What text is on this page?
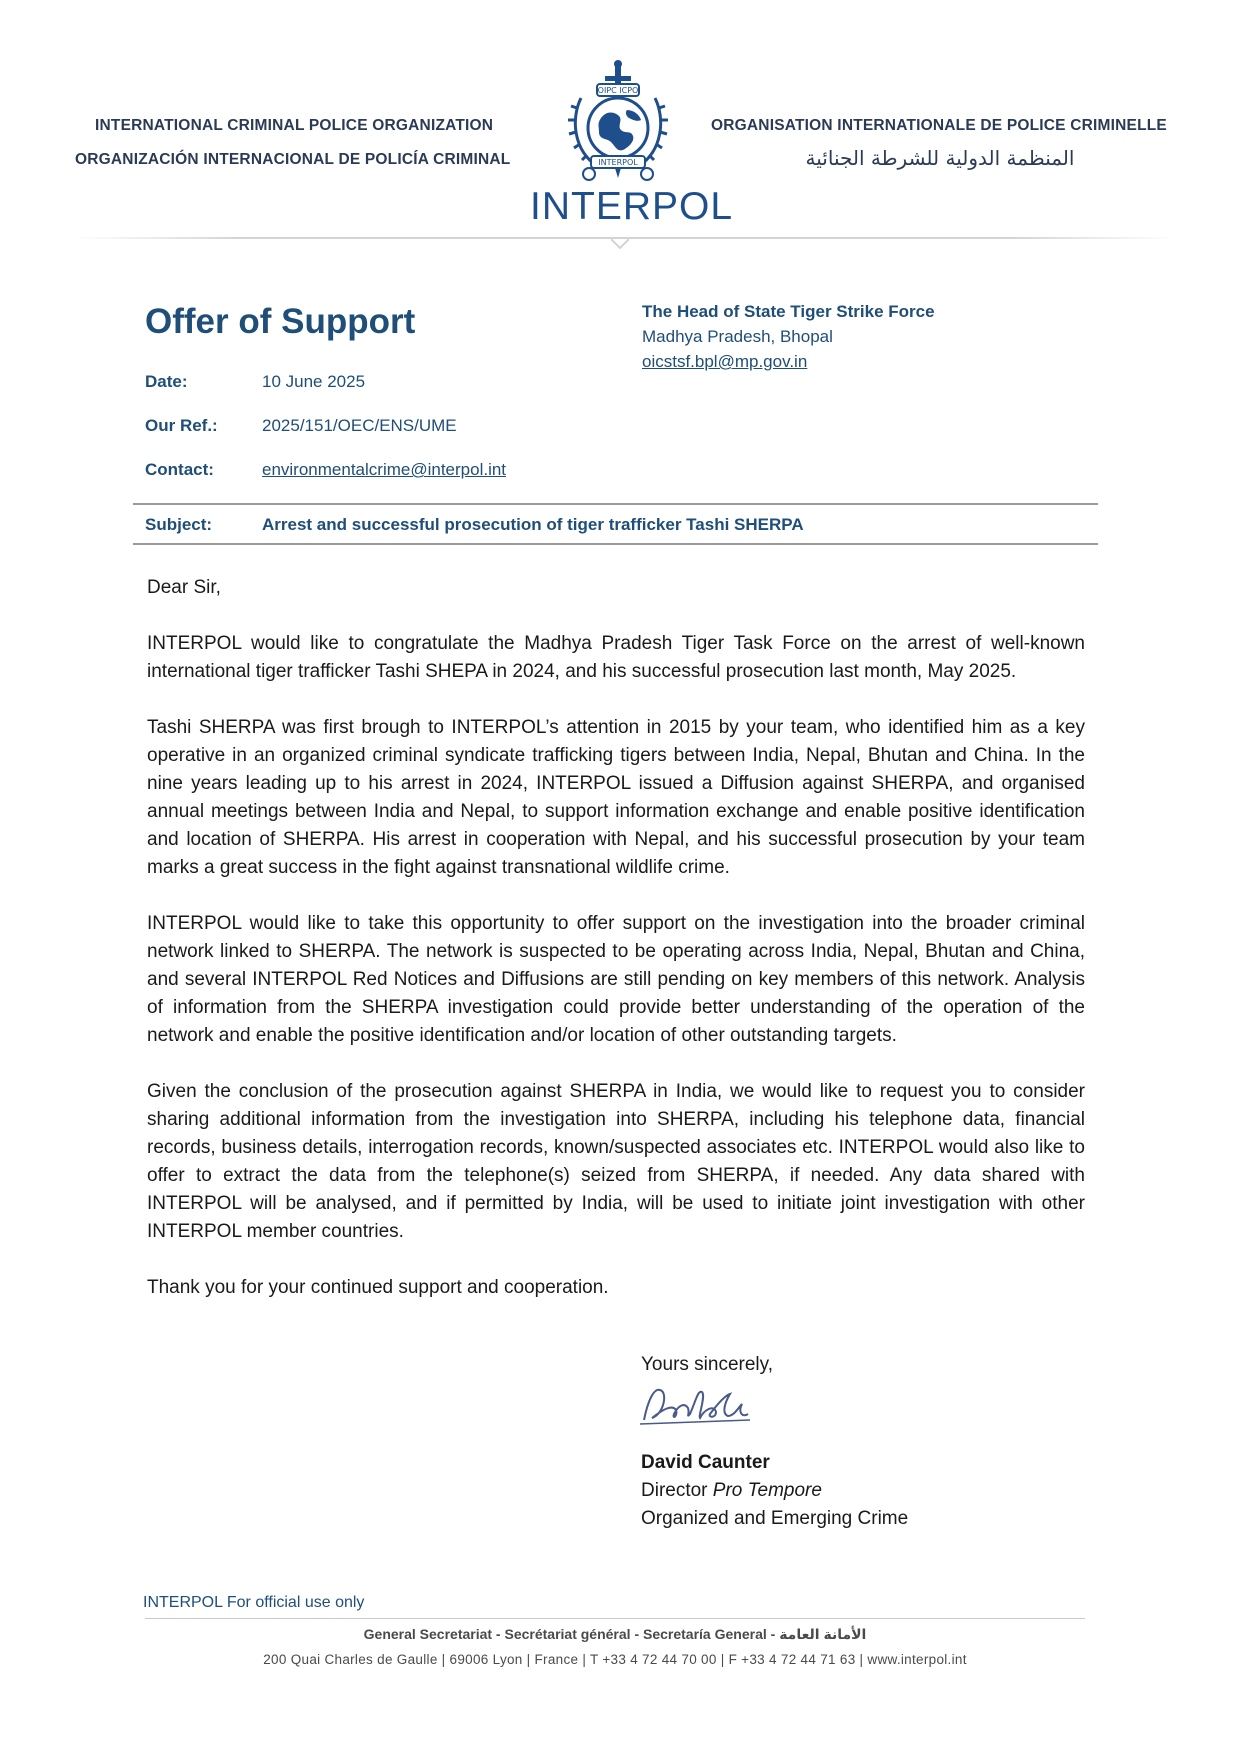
INTERNATIONAL CRIMINAL POLICE ORGANIZATION
ORGANIZACIÓN INTERNACIONAL DE POLICÍA CRIMINAL
ORGANISATION INTERNATIONALE DE POLICE CRIMINELLE
المنظمة الدولية للشرطة الجنائية
OIPC ICPO
INTERPOL
INTERPOL
Offer of Support
Date:	10 June 2025
Our Ref.:	2025/151/OEC/ENS/UME
Contact:	environmentalcrime@interpol.int
The Head of State Tiger Strike Force
Madhya Pradesh, Bhopal
oicstsf.bpl@mp.gov.in
Subject:	Arrest and successful prosecution of tiger trafficker Tashi SHERPA

Dear Sir,

INTERPOL would like to congratulate the Madhya Pradesh Tiger Task Force on the arrest of well-known international tiger trafficker Tashi SHEPA in 2024, and his successful prosecution last month, May 2025.

Tashi SHERPA was first brough to INTERPOL’s attention in 2015 by your team, who identified him as a key operative in an organized criminal syndicate trafficking tigers between India, Nepal, Bhutan and China. In the nine years leading up to his arrest in 2024, INTERPOL issued a Diffusion against SHERPA, and organised annual meetings between India and Nepal, to support information exchange and enable positive identification and location of SHERPA. His arrest in cooperation with Nepal, and his successful prosecution by your team marks a great success in the fight against transnational wildlife crime.

INTERPOL would like to take this opportunity to offer support on the investigation into the broader criminal network linked to SHERPA. The network is suspected to be operating across India, Nepal, Bhutan and China, and several INTERPOL Red Notices and Diffusions are still pending on key members of this network. Analysis of information from the SHERPA investigation could provide better understanding of the operation of the network and enable the positive identification and/or location of other outstanding targets.

Given the conclusion of the prosecution against SHERPA in India, we would like to request you to consider sharing additional information from the investigation into SHERPA, including his telephone data, financial records, business details, interrogation records, known/suspected associates etc. INTERPOL would also like to offer to extract the data from the telephone(s) seized from SHERPA, if needed. Any data shared with INTERPOL will be analysed, and if permitted by India, will be used to initiate joint investigation with other INTERPOL member countries.

Thank you for your continued support and cooperation.

Yours sincerely,
David Caunter
Director Pro Tempore
Organized and Emerging Crime
INTERPOL For official use only
General Secretariat - Secrétariat général - Secretaría General - الأمانة العامة
200 Quai Charles de Gaulle | 69006 Lyon | France | T +33 4 72 44 70 00 | F +33 4 72 44 71 63 | www.interpol.int
